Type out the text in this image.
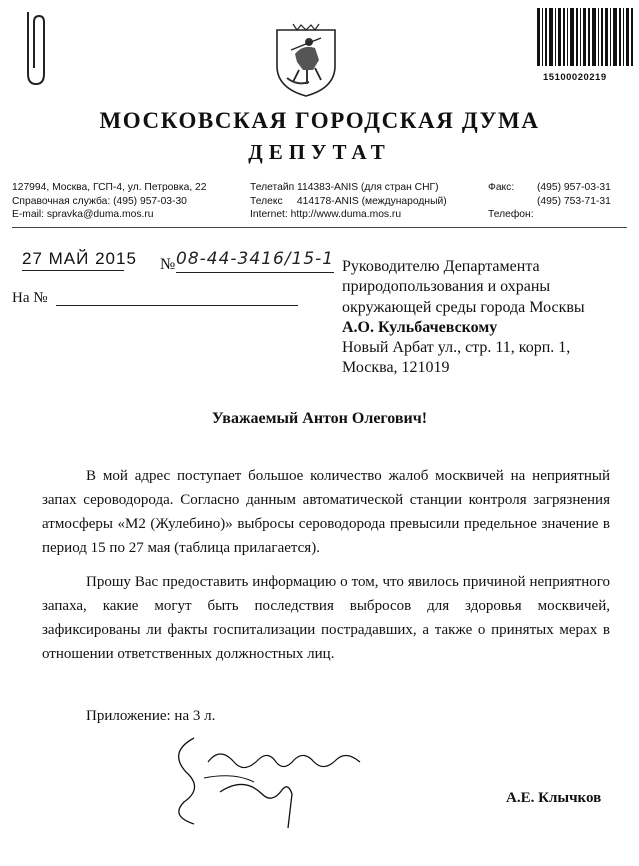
15100020219
МОСКОВСКАЯ ГОРОДСКАЯ ДУМА
ДЕПУТАТ
127994, Москва, ГСП-4, ул. Петровка, 22
Справочная служба: (495) 957-03-30
E-mail: spravka@duma.mos.ru
Телетайп 114383-ANIS (для стран СНГ)
Телекс     414178-ANIS (международный)
Internet: http://www.duma.mos.ru
Факс:

Телефон:
(495) 957-03-31
(495) 753-71-31
27 МАЙ 2015 № 08-44-3416/15-1
На №
Руководителю Департамента
природопользования и охраны
окружающей среды города Москвы
А.О. Кульбачевскому
Новый Арбат ул., стр. 11, корп. 1,
Москва, 121019
Уважаемый Антон Олегович!

В мой адрес поступает большое количество жалоб москвичей на неприятный запах сероводорода. Согласно данным автоматической станции контроля загрязнения атмосферы «М2 (Жулебино)» выбросы сероводорода превысили предельное значение в период 15 по 27 мая (таблица прилагается).

Прошу Вас предоставить информацию о том, что явилось причиной неприятного запаха, какие могут быть последствия выбросов для здоровья москвичей, зафиксированы ли факты госпитализации пострадавших, а также о принятых мерах в отношении ответственных должностных лиц.

Приложение: на 3 л.
А.Е. Клычков
